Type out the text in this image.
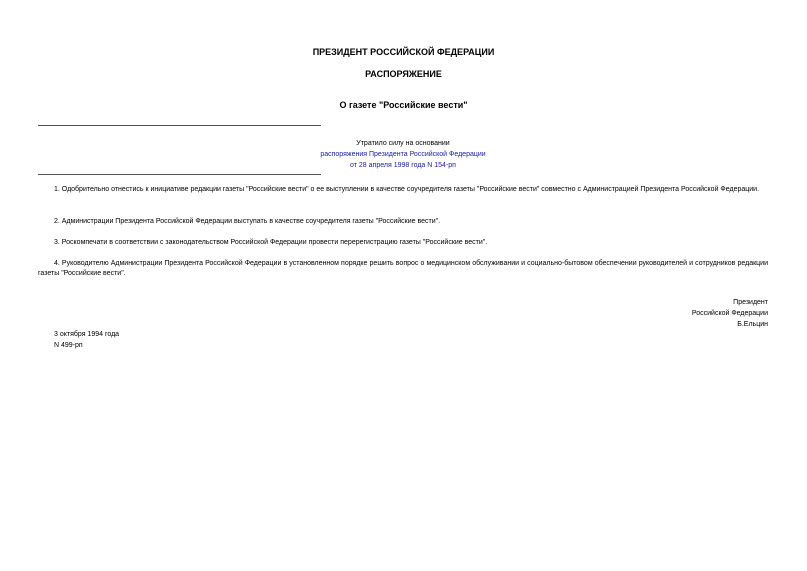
ПРЕЗИДЕНТ РОССИЙСКОЙ ФЕДЕРАЦИИ
РАСПОРЯЖЕНИЕ
О газете "Российские вести"
Утратило силу на основании
распоряжения Президента Российской Федерации
от 28 апреля 1998 года N 154-рп
1. Одобрительно отнестись к инициативе редакции газеты "Российские вести" о ее выступлении в качестве соучредителя газеты "Российские вести" совместно с Администрацией Президента Российской Федерации.
2. Администрации Президента Российской Федерации выступать в качестве соучредителя газеты "Российские вести".
3. Роскомпечати в соответствии с законодательством Российской Федерации провести перерегистрацию газеты "Российские вести".
4. Руководителю Администрации Президента Российской Федерации в установленном порядке решить вопрос о медицинском обслуживании и социально-бытовом обеспечении руководителей и сотрудников редакции газеты "Российские вести".
Президент
Российской Федерации
Б.Ельцин
3 октября 1994 года
N 499-рп
